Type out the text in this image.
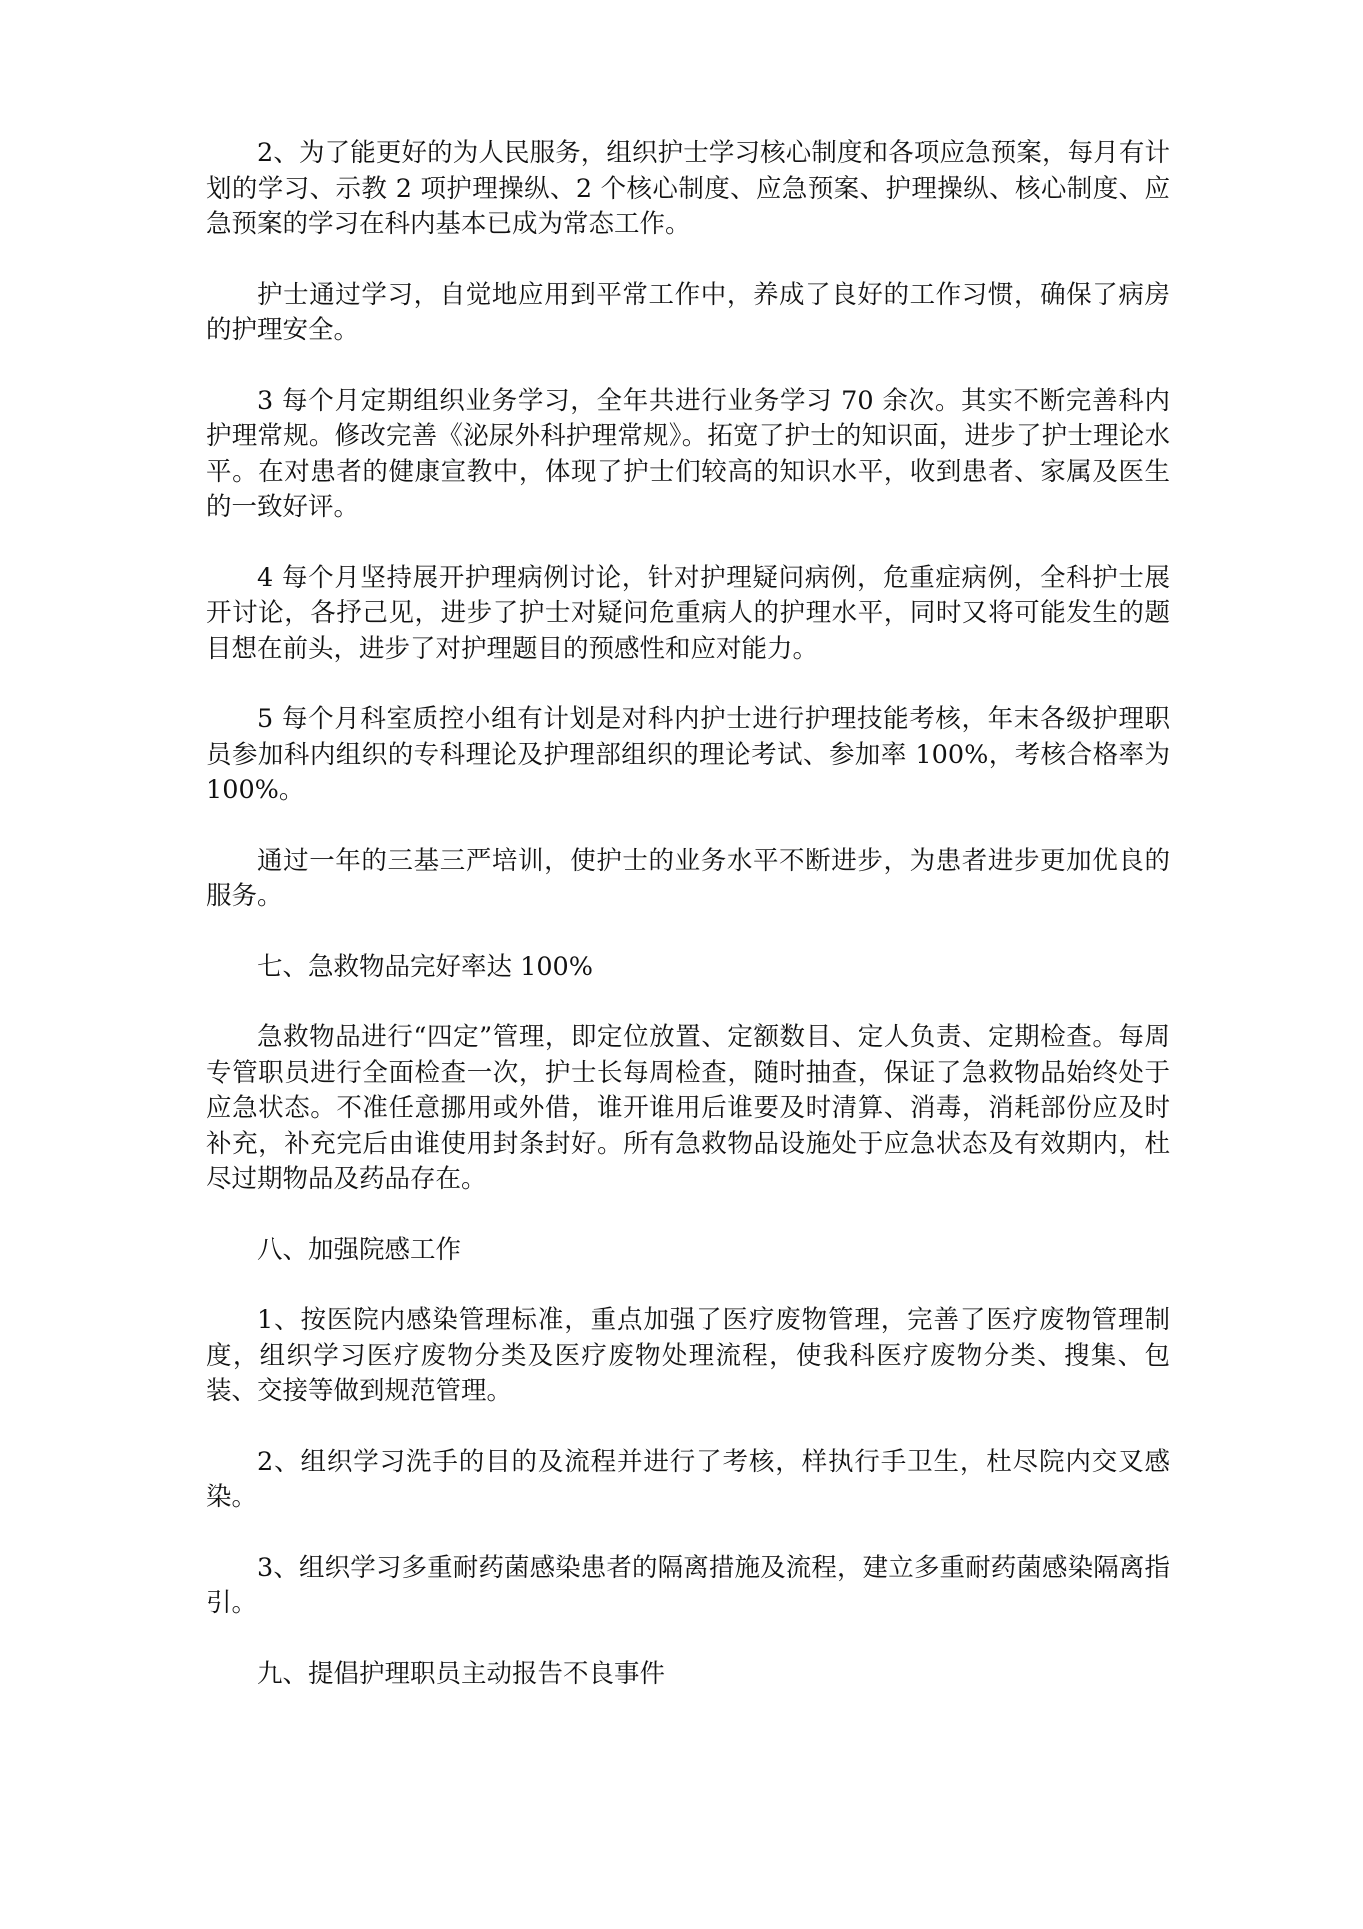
2、为了能更好的为人民服务，组织护士学习核心制度和各项应急预案，每月有计划的学习、示教 2 项护理操纵、2 个核心制度、应急预案、护理操纵、核心制度、应急预案的学习在科内基本已成为常态工作。

护士通过学习，自觉地应用到平常工作中，养成了良好的工作习惯，确保了病房的护理安全。

3 每个月定期组织业务学习，全年共进行业务学习 70 余次。其实不断完善科内护理常规。修改完善《泌尿外科护理常规》。拓宽了护士的知识面，进步了护士理论水平。在对患者的健康宣教中，体现了护士们较高的知识水平，收到患者、家属及医生的一致好评。

4 每个月坚持展开护理病例讨论，针对护理疑问病例，危重症病例，全科护士展开讨论，各抒己见，进步了护士对疑问危重病人的护理水平，同时又将可能发生的题目想在前头，进步了对护理题目的预感性和应对能力。

5 每个月科室质控小组有计划是对科内护士进行护理技能考核，年末各级护理职员参加科内组织的专科理论及护理部组织的理论考试、参加率 100%，考核合格率为 100%。

通过一年的三基三严培训，使护士的业务水平不断进步，为患者进步更加优良的服务。

七、急救物品完好率达 100%

急救物品进行“四定”管理，即定位放置、定额数目、定人负责、定期检查。每周专管职员进行全面检查一次，护士长每周检查，随时抽查，保证了急救物品始终处于应急状态。不准任意挪用或外借，谁开谁用后谁要及时清算、消毒，消耗部份应及时补充，补充完后由谁使用封条封好。所有急救物品设施处于应急状态及有效期内，杜尽过期物品及药品存在。

八、加强院感工作

1、按医院内感染管理标准，重点加强了医疗废物管理，完善了医疗废物管理制度，组织学习医疗废物分类及医疗废物处理流程，使我科医疗废物分类、搜集、包装、交接等做到规范管理。

2、组织学习洗手的目的及流程并进行了考核，样执行手卫生，杜尽院内交叉感染。

3、组织学习多重耐药菌感染患者的隔离措施及流程，建立多重耐药菌感染隔离指引。

九、提倡护理职员主动报告不良事件
